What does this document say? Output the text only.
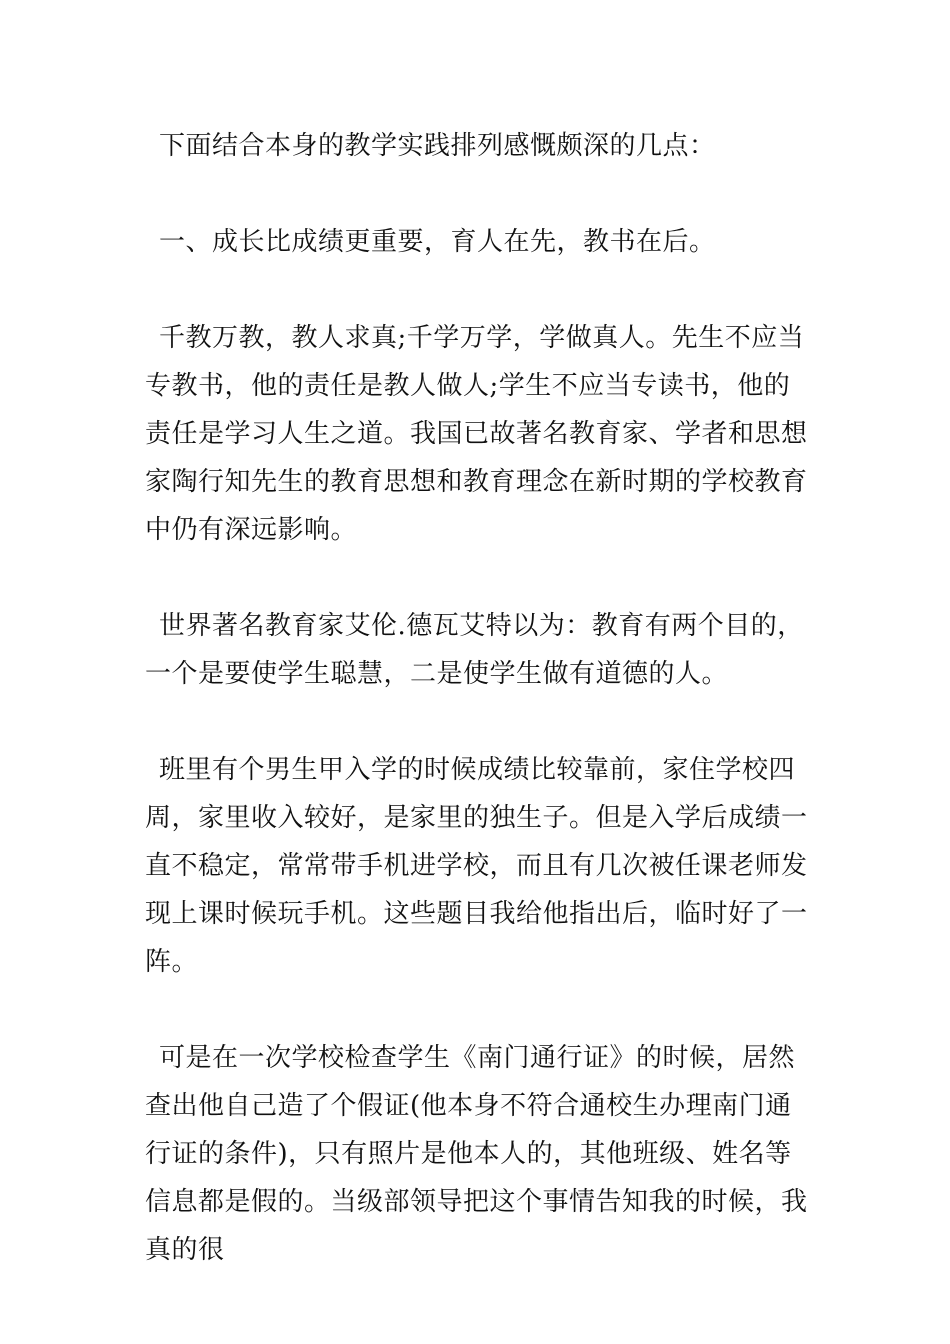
下面结合本身的教学实践排列感慨颇深的几点：

一、成长比成绩更重要，育人在先，教书在后。

千教万教，教人求真;千学万学，学做真人。先生不应当专教书，他的责任是教人做人;学生不应当专读书，他的责任是学习人生之道。我国已故著名教育家、学者和思想家陶行知先生的教育思想和教育理念在新时期的学校教育中仍有深远影响。

世界著名教育家艾伦.德瓦艾特以为：教育有两个目的，一个是要使学生聪慧，二是使学生做有道德的人。

班里有个男生甲入学的时候成绩比较靠前，家住学校四周，家里收入较好，是家里的独生子。但是入学后成绩一直不稳定，常常带手机进学校，而且有几次被任课老师发现上课时候玩手机。这些题目我给他指出后，临时好了一阵。

可是在一次学校检查学生《南门通行证》的时候，居然查出他自己造了个假证(他本身不符合通校生办理南门通行证的条件)，只有照片是他本人的，其他班级、姓名等信息都是假的。当级部领导把这个事情告知我的时候，我真的很
